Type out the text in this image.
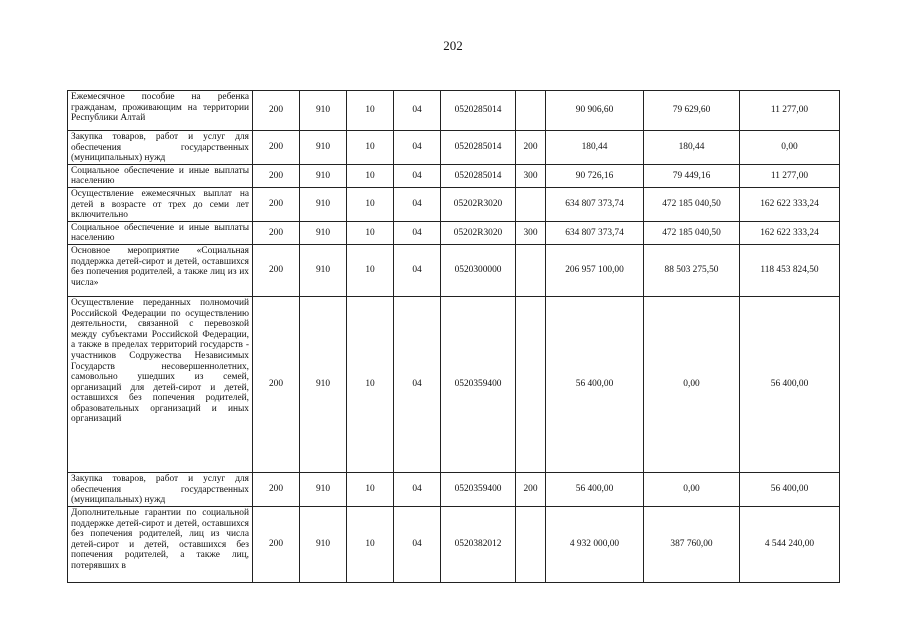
202
Ежемесячное пособие на ребенка гражданам, проживающим на территории Республики Алтай	200	910	10	04	0520285014		90 906,60	79 629,60	11 277,00
Закупка товаров, работ и услуг для обеспечения государственных (муниципальных) нужд	200	910	10	04	0520285014	200	180,44	180,44	0,00
Социальное обеспечение и иные выплаты населению	200	910	10	04	0520285014	300	90 726,16	79 449,16	11 277,00
Осуществление ежемесячных выплат на детей в возрасте от трех до семи лет включительно	200	910	10	04	05202R3020		634 807 373,74	472 185 040,50	162 622 333,24
Социальное обеспечение и иные выплаты населению	200	910	10	04	05202R3020	300	634 807 373,74	472 185 040,50	162 622 333,24
Основное мероприятие «Социальная поддержка детей-сирот и детей, оставшихся без попечения родителей, а также лиц из их числа»	200	910	10	04	0520300000		206 957 100,00	88 503 275,50	118 453 824,50
Осуществление переданных полномочий Российской Федерации по осуществлению деятельности, связанной с перевозкой между субъектами Российской Федерации, а также в пределах территорий государств - участников Содружества Независимых Государств несовершеннолетних, самовольно ушедших из семей, организаций для детей-сирот и детей, оставшихся без попечения родителей, образовательных организаций и иных организаций	200	910	10	04	0520359400		56 400,00	0,00	56 400,00
Закупка товаров, работ и услуг для обеспечения государственных (муниципальных) нужд	200	910	10	04	0520359400	200	56 400,00	0,00	56 400,00
Дополнительные гарантии по социальной поддержке детей-сирот и детей, оставшихся без попечения родителей, лиц из числа детей-сирот и детей, оставшихся без попечения родителей, а также лиц, потерявших в	200	910	10	04	0520382012		4 932 000,00	387 760,00	4 544 240,00
